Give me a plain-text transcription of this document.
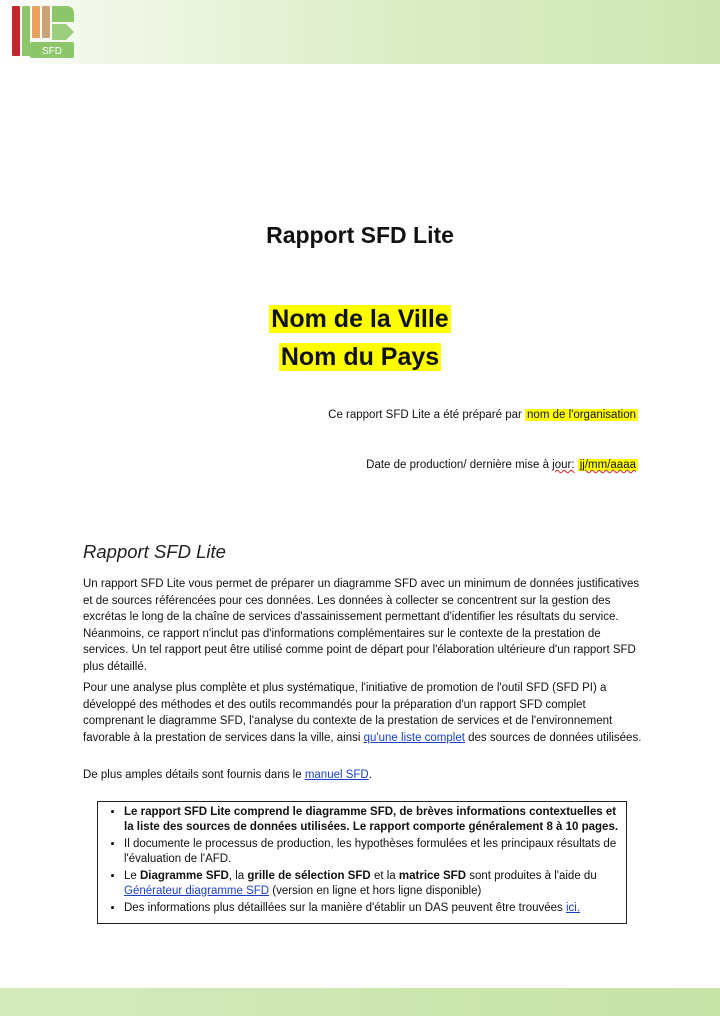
SFD
Rapport SFD Lite
Nom de la Ville
Nom du Pays
Ce rapport SFD Lite a été préparé par nom de l'organisation
Date de production/ dernière mise à jour: jj/mm/aaaa
Rapport SFD Lite

Un rapport SFD Lite vous permet de préparer un diagramme SFD avec un minimum de données justificatives et de sources référencées pour ces données. Les données à collecter se concentrent sur la gestion des excrétas le long de la chaîne de services d'assainissement permettant d'identifier les résultats du service. Néanmoins, ce rapport n'inclut pas d'informations complémentaires sur le contexte de la prestation de services. Un tel rapport peut être utilisé comme point de départ pour l'élaboration ultérieure d'un rapport SFD plus détaillé.

Pour une analyse plus complète et plus systématique, l'initiative de promotion de l'outil SFD (SFD PI) a développé des méthodes et des outils recommandés pour la préparation d'un rapport SFD complet comprenant le diagramme SFD, l'analyse du contexte de la prestation de services et de l'environnement favorable à la prestation de services dans la ville, ainsi qu'une liste complet des sources de données utilisées.

De plus amples détails sont fournis dans le manuel SFD.

• Le rapport SFD Lite comprend le diagramme SFD, de brèves informations contextuelles et la liste des sources de données utilisées. Le rapport comporte généralement 8 à 10 pages.
• Il documente le processus de production, les hypothèses formulées et les principaux résultats de l'évaluation de l'AFD.
• Le Diagramme SFD, la grille de sélection SFD et la matrice SFD sont produites à l'aide du Générateur diagramme SFD (version en ligne et hors ligne disponible)
• Des informations plus détaillées sur la manière d'établir un DAS peuvent être trouvées ici.
